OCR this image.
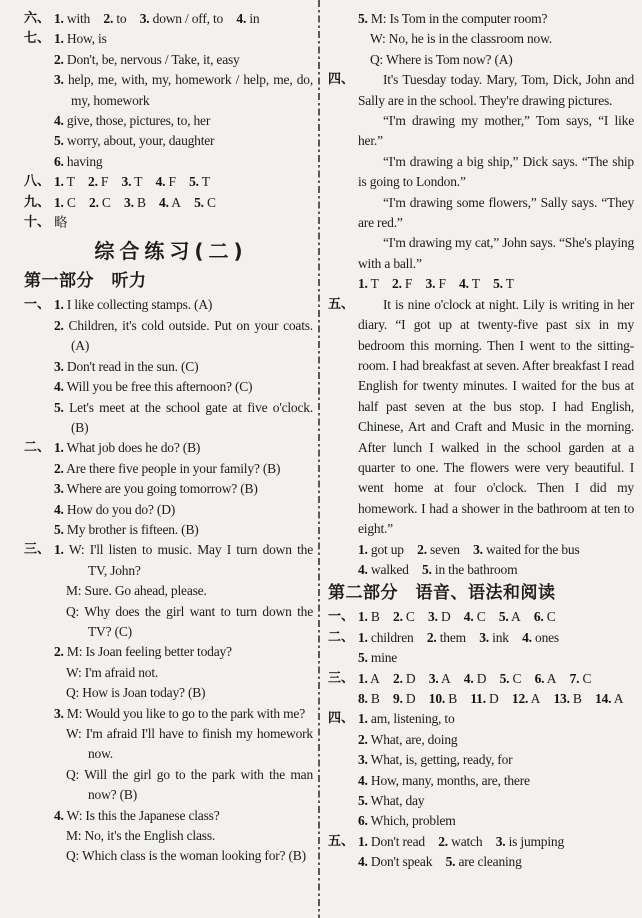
六、 1. with 2. to 3. down / off, to 4. in
七、 1. How, is
2. Don't, be, nervous / Take, it, easy
3. help, me, with, my, homework / help, me, do, my, homework
4. give, those, pictures, to, her
5. worry, about, your, daughter
6. having
八、 1. T 2. F 3. T 4. F 5. T
九、 1. C 2. C 3. B 4. A 5. C
十、 略
综合练习(二)
第一部分　听力
一、 1. I like collecting stamps. (A)
2. Children, it's cold outside. Put on your coats. (A)
3. Don't read in the sun. (C)
4. Will you be free this afternoon? (C)
5. Let's meet at the school gate at five o'clock. (B)
二、 1. What job does he do? (B)
2. Are there five people in your family? (B)
3. Where are you going tomorrow? (B)
4. How do you do? (D)
5. My brother is fifteen. (B)
三、 1. W: I'll listen to music. May I turn down the TV, John?
M: Sure. Go ahead, please.
Q: Why does the girl want to turn down the TV? (C)
2. M: Is Joan feeling better today?
W: I'm afraid not.
Q: How is Joan today? (B)
3. M: Would you like to go to the park with me?
W: I'm afraid I'll have to finish my homework now.
Q: Will the girl go to the park with the man now? (B)
4. W: Is this the Japanese class?
M: No, it's the English class.
Q: Which class is the woman looking for? (B)
5. M: Is Tom in the computer room?
W: No, he is in the classroom now.
Q: Where is Tom now? (A)
四、	It's Tuesday today. Mary, Tom, Dick, John and Sally are in the school. They're drawing pictures.
“I'm drawing my mother,” Tom says, “I like her.”
“I'm drawing a big ship,” Dick says. “The ship is going to London.”
“I'm drawing some flowers,” Sally says. “They are red.”
“I'm drawing my cat,” John says. “She's playing with a ball.”
1. T 2. F 3. F 4. T 5. T
五、	It is nine o'clock at night. Lily is writing in her diary. “I got up at twenty-five past six in my bedroom this morning. Then I went to the sitting-room. I had breakfast at seven. After breakfast I read English for twenty minutes. I waited for the bus at half past seven at the bus stop. I had English, Chinese, Art and Craft and Music in the morning. After lunch I walked in the school garden at a quarter to one. The flowers were very beautiful. I went home at four o'clock. Then I did my homework. I had a shower in the bathroom at ten to eight.”
1. got up 2. seven 3. waited for the bus
4. walked 5. in the bathroom
第二部分　语音、语法和阅读
一、 1. B 2. C 3. D 4. C 5. A 6. C
二、 1. children 2. them 3. ink 4. ones
5. mine
三、 1. A 2. D 3. A 4. D 5. C 6. A 7. C
8. B 9. D 10. B 11. D 12. A 13. B 14. A
四、 1. am, listening, to
2. What, are, doing
3. What, is, getting, ready, for
4. How, many, months, are, there
5. What, day
6. Which, problem
五、 1. Don't read 2. watch 3. is jumping
4. Don't speak 5. are cleaning
